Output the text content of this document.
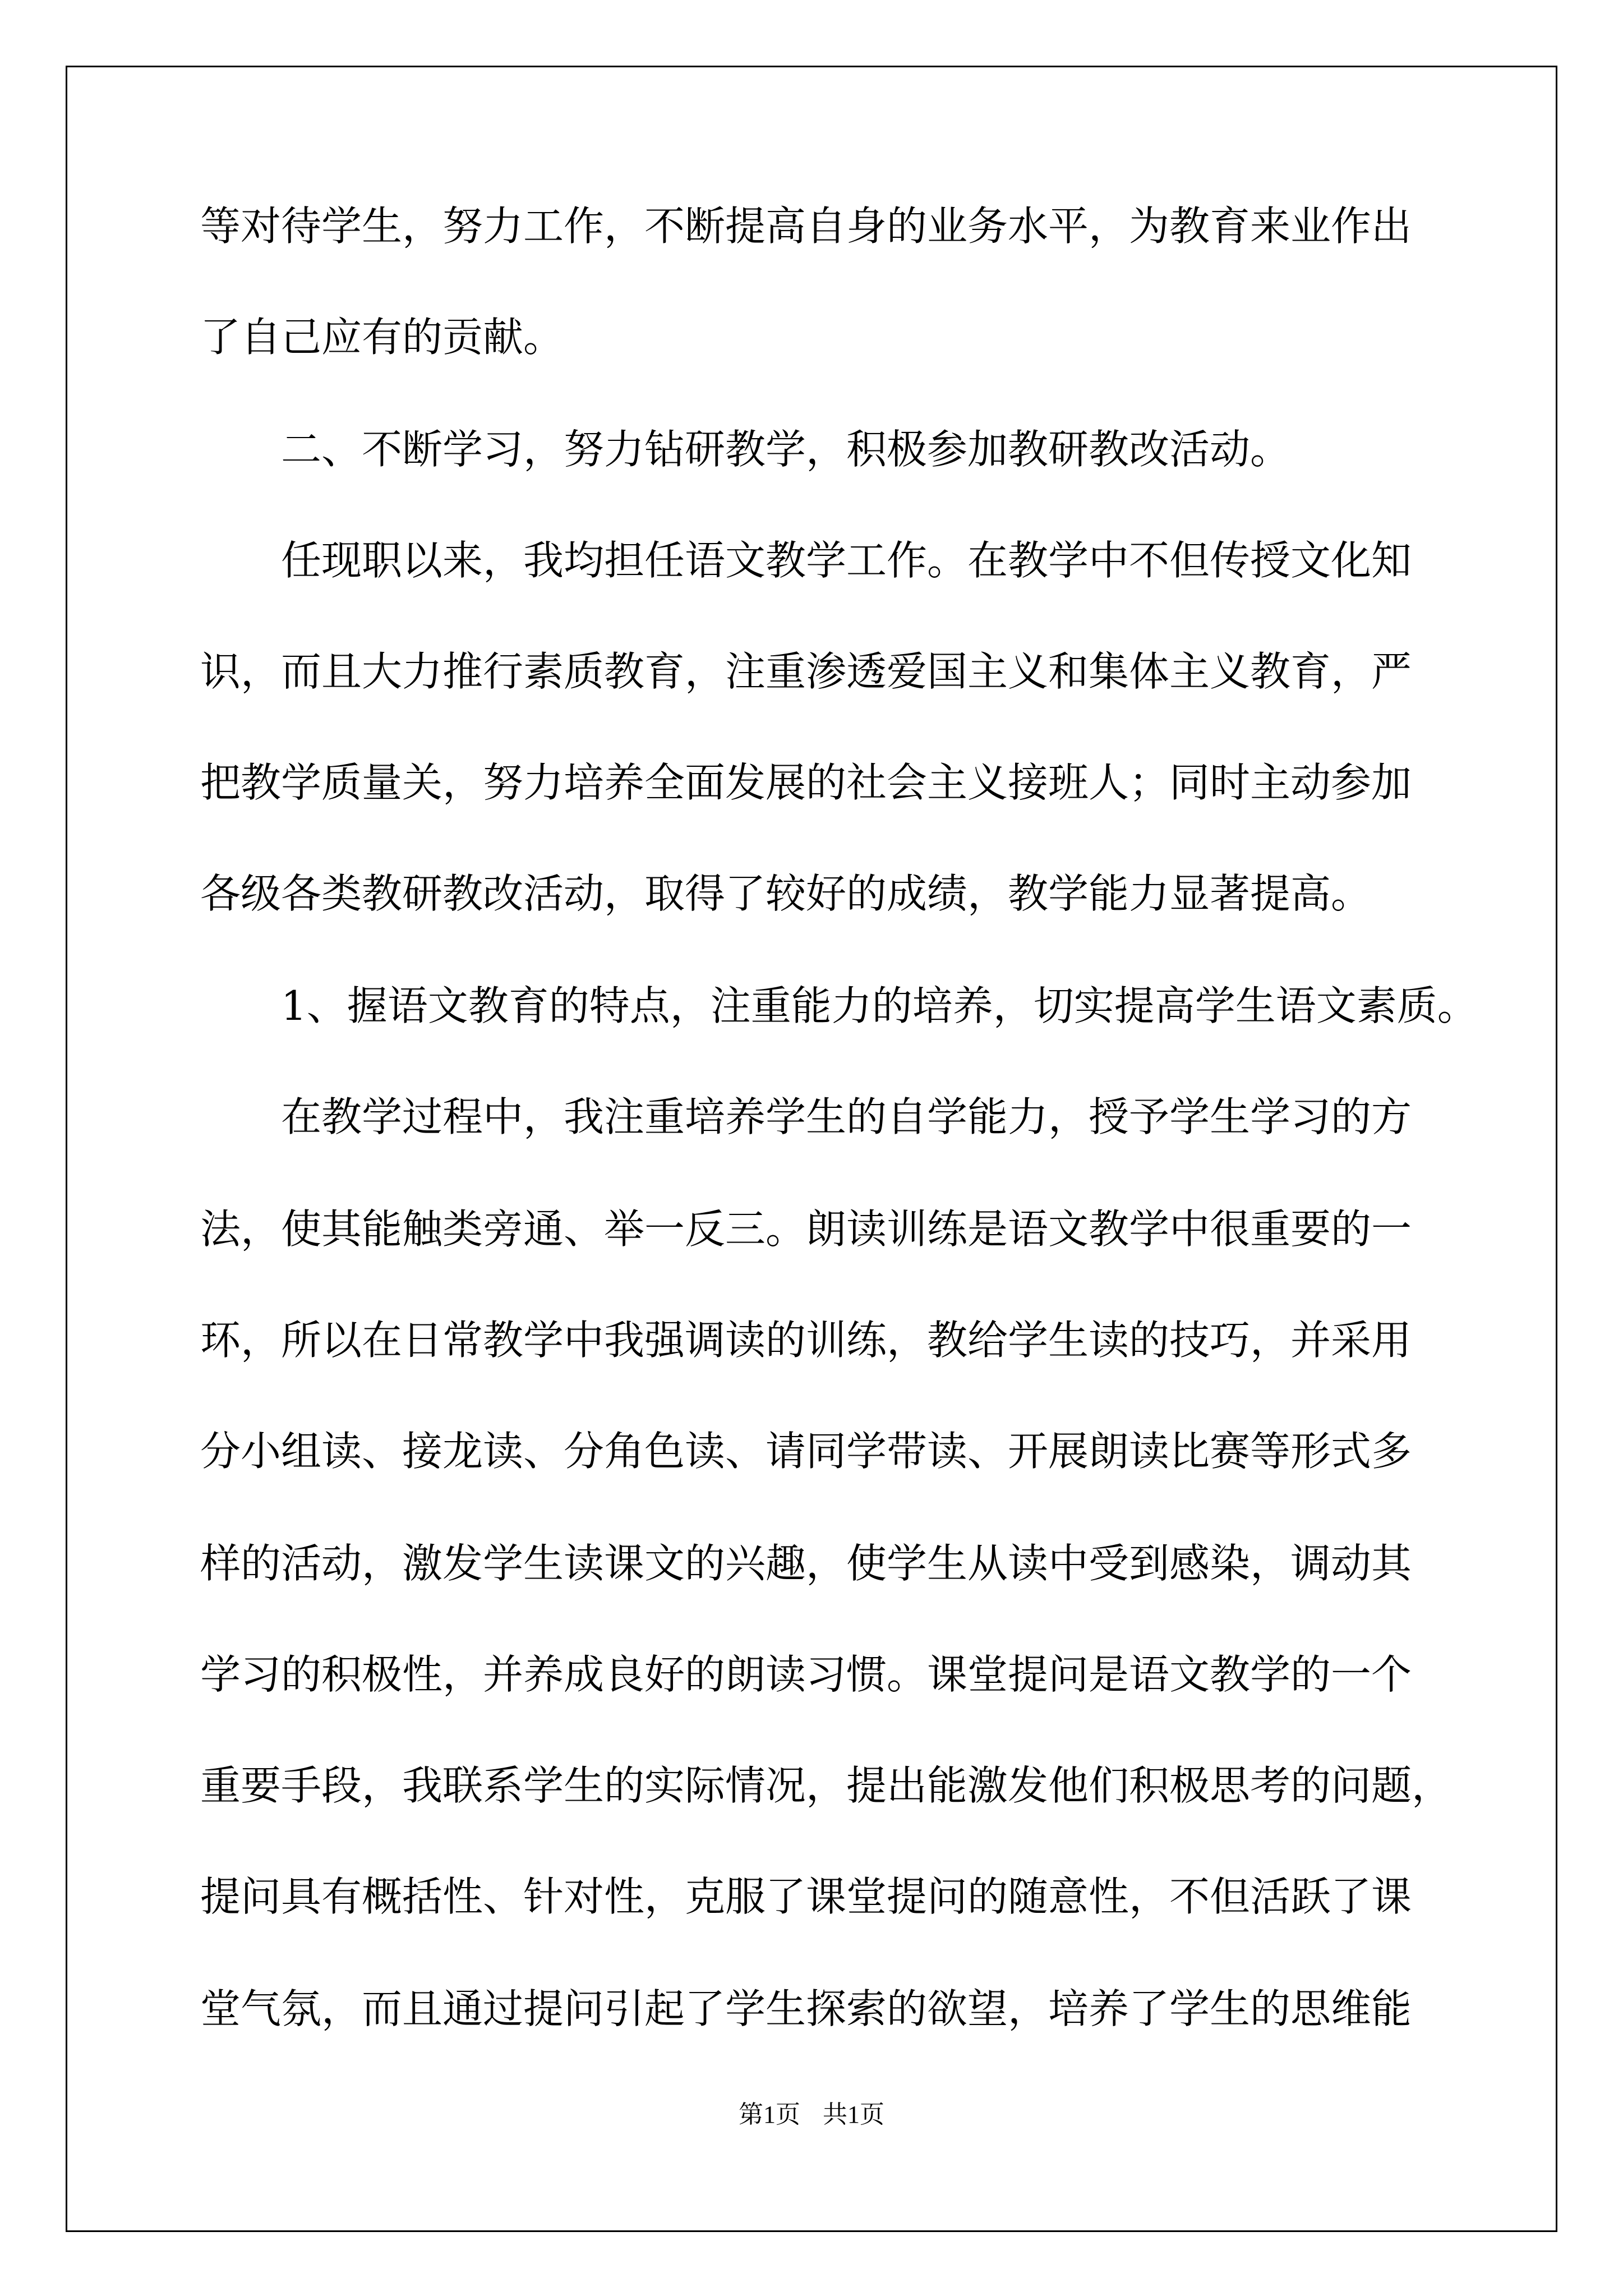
等对待学生，努力工作，不断提高自身的业务水平，为教育来业作出
了自己应有的贡献。
二、不断学习，努力钻研教学，积极参加教研教改活动。
任现职以来，我均担任语文教学工作。在教学中不但传授文化知
识，而且大力推行素质教育，注重渗透爱国主义和集体主义教育，严
把教学质量关，努力培养全面发展的社会主义接班人；同时主动参加
各级各类教研教改活动，取得了较好的成绩，教学能力显著提高。
1、握语文教育的特点，注重能力的培养，切实提高学生语文素质。
在教学过程中，我注重培养学生的自学能力，授予学生学习的方
法，使其能触类旁通、举一反三。朗读训练是语文教学中很重要的一
环，所以在日常教学中我强调读的训练，教给学生读的技巧，并采用
分小组读、接龙读、分角色读、请同学带读、开展朗读比赛等形式多
样的活动，激发学生读课文的兴趣，使学生从读中受到感染，调动其
学习的积极性，并养成良好的朗读习惯。课堂提问是语文教学的一个
重要手段，我联系学生的实际情况，提出能激发他们积极思考的问题，
提问具有概括性、针对性，克服了课堂提问的随意性，不但活跃了课
堂气氛，而且通过提问引起了学生探索的欲望，培养了学生的思维能
第1页 共1页
